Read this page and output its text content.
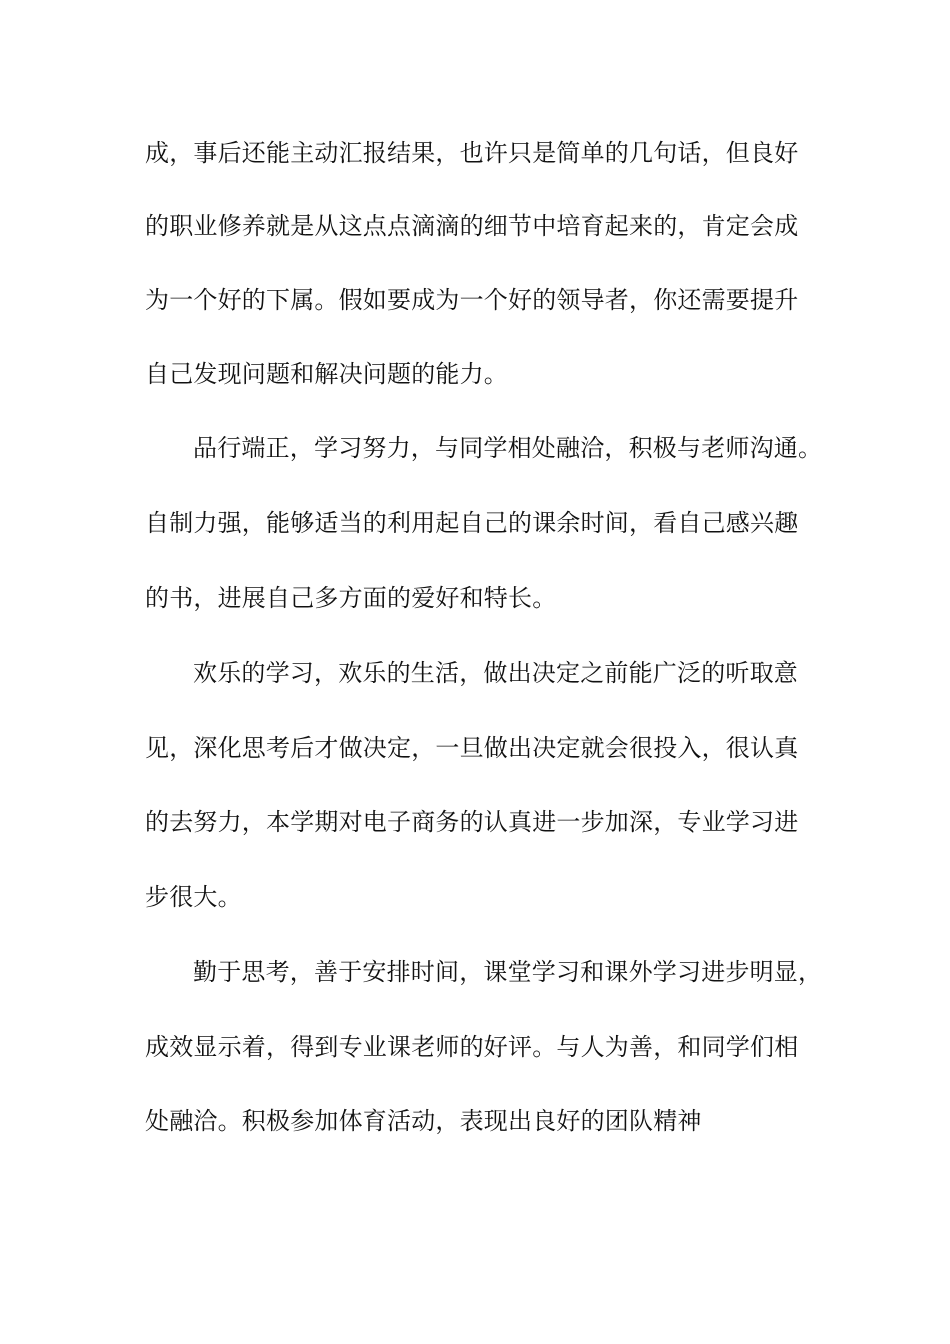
成，事后还能主动汇报结果，也许只是简单的几句话，但良好
的职业修养就是从这点点滴滴的细节中培育起来的，肯定会成
为一个好的下属。假如要成为一个好的领导者，你还需要提升
自己发现问题和解决问题的能力。
品行端正，学习努力，与同学相处融洽，积极与老师沟通。
自制力强，能够适当的利用起自己的课余时间，看自己感兴趣
的书，进展自己多方面的爱好和特长。
欢乐的学习，欢乐的生活，做出决定之前能广泛的听取意
见，深化思考后才做决定，一旦做出决定就会很投入，很认真
的去努力，本学期对电子商务的认真进一步加深，专业学习进
步很大。
勤于思考，善于安排时间，课堂学习和课外学习进步明显，
成效显示着，得到专业课老师的好评。与人为善，和同学们相
处融洽。积极参加体育活动，表现出良好的团队精神
